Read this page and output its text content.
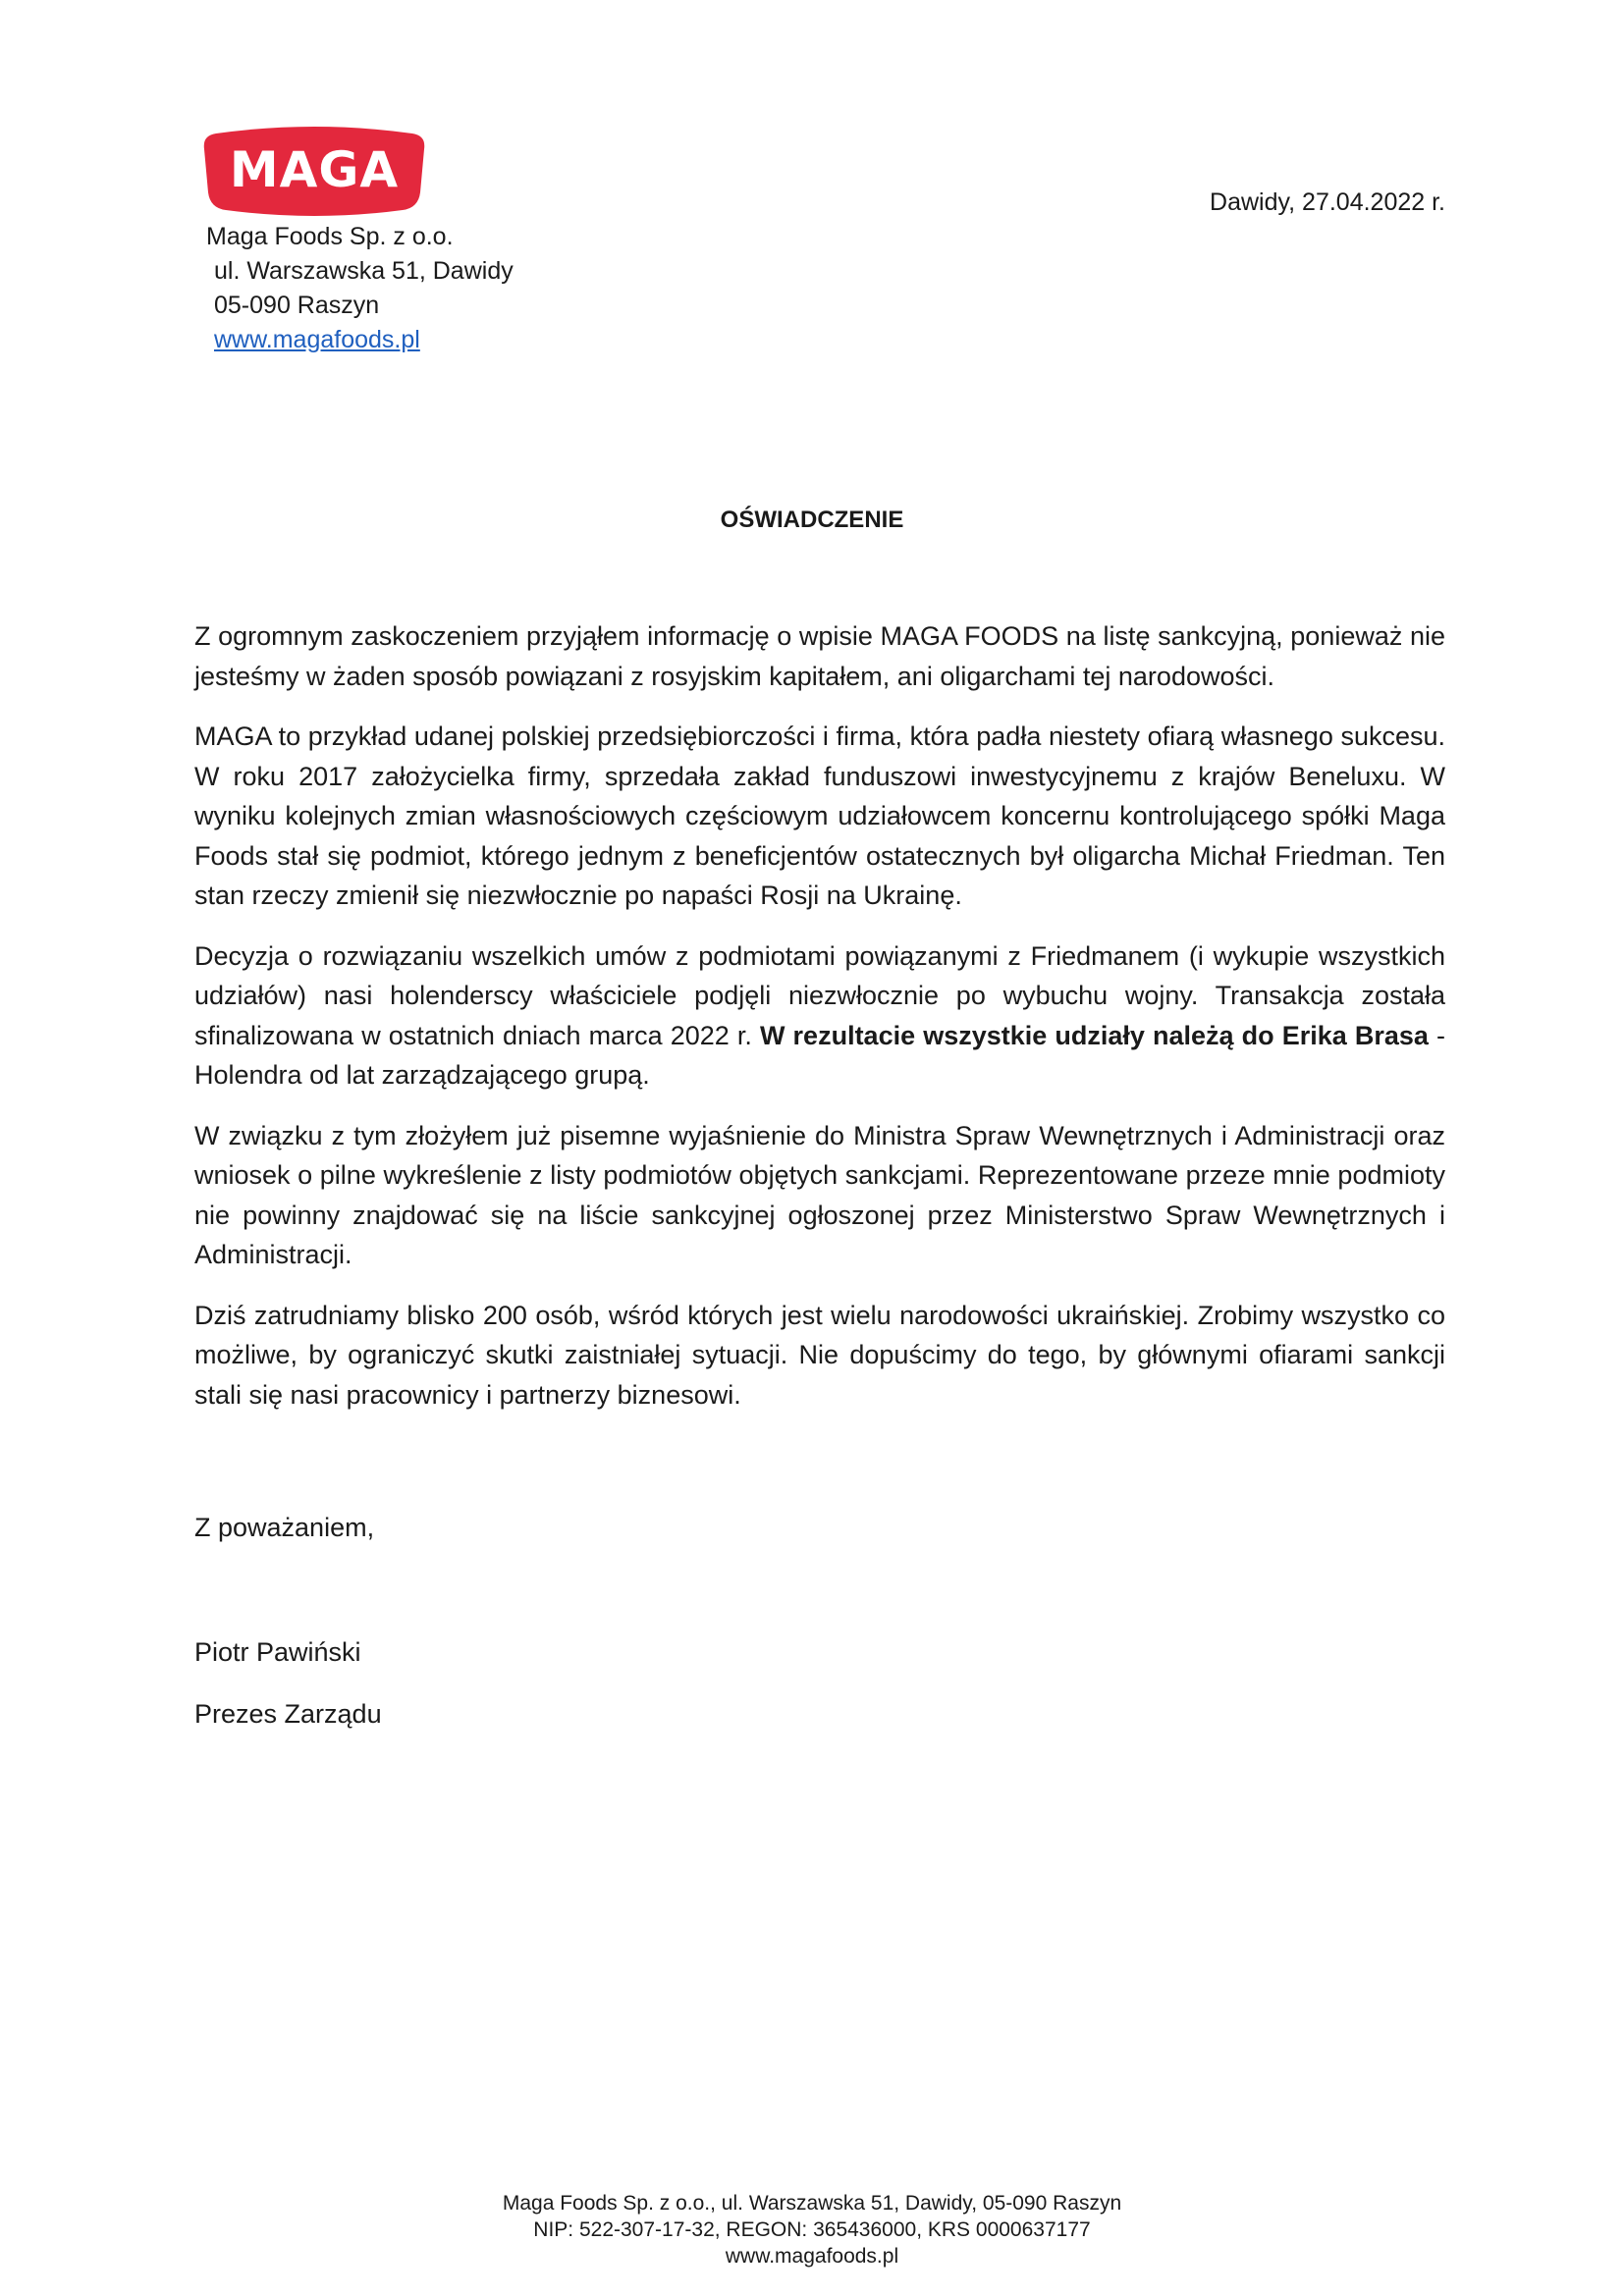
MAGA
Maga Foods Sp. z o.o.
ul. Warszawska 51, Dawidy
05-090 Raszyn
www.magafoods.pl
Dawidy, 27.04.2022 r.
OŚWIADCZENIE

Z ogromnym zaskoczeniem przyjąłem informację o wpisie MAGA FOODS na listę sankcyjną, ponieważ nie jesteśmy w żaden sposób powiązani z rosyjskim kapitałem, ani oligarchami tej narodowości.

MAGA to przykład udanej polskiej przedsiębiorczości i firma, która padła niestety ofiarą własnego sukcesu. W roku 2017 założycielka firmy, sprzedała zakład funduszowi inwestycyjnemu z krajów Beneluxu. W wyniku kolejnych zmian własnościowych częściowym udziałowcem koncernu kontrolującego spółki Maga Foods stał się podmiot, którego jednym z beneficjentów ostatecznych był oligarcha Michał Friedman. Ten stan rzeczy zmienił się niezwłocznie po napaści Rosji na Ukrainę.

Decyzja o rozwiązaniu wszelkich umów z podmiotami powiązanymi z Friedmanem (i wykupie wszystkich udziałów) nasi holenderscy właściciele podjęli niezwłocznie po wybuchu wojny. Transakcja została sfinalizowana w ostatnich dniach marca 2022 r. W rezultacie wszystkie udziały należą do Erika Brasa - Holendra od lat zarządzającego grupą.

W związku z tym złożyłem już pisemne wyjaśnienie do Ministra Spraw Wewnętrznych i Administracji oraz wniosek o pilne wykreślenie z listy podmiotów objętych sankcjami. Reprezentowane przeze mnie podmioty nie powinny znajdować się na liście sankcyjnej ogłoszonej przez Ministerstwo Spraw Wewnętrznych i Administracji.

Dziś zatrudniamy blisko 200 osób, wśród których jest wielu narodowości ukraińskiej. Zrobimy wszystko co możliwe, by ograniczyć skutki zaistniałej sytuacji. Nie dopuścimy do tego, by głównymi ofiarami sankcji stali się nasi pracownicy i partnerzy biznesowi.

Z poważaniem,
Piotr Pawiński
Prezes Zarządu
Maga Foods Sp. z o.o., ul. Warszawska 51, Dawidy, 05-090 Raszyn
NIP: 522-307-17-32, REGON: 365436000, KRS 0000637177
www.magafoods.pl
